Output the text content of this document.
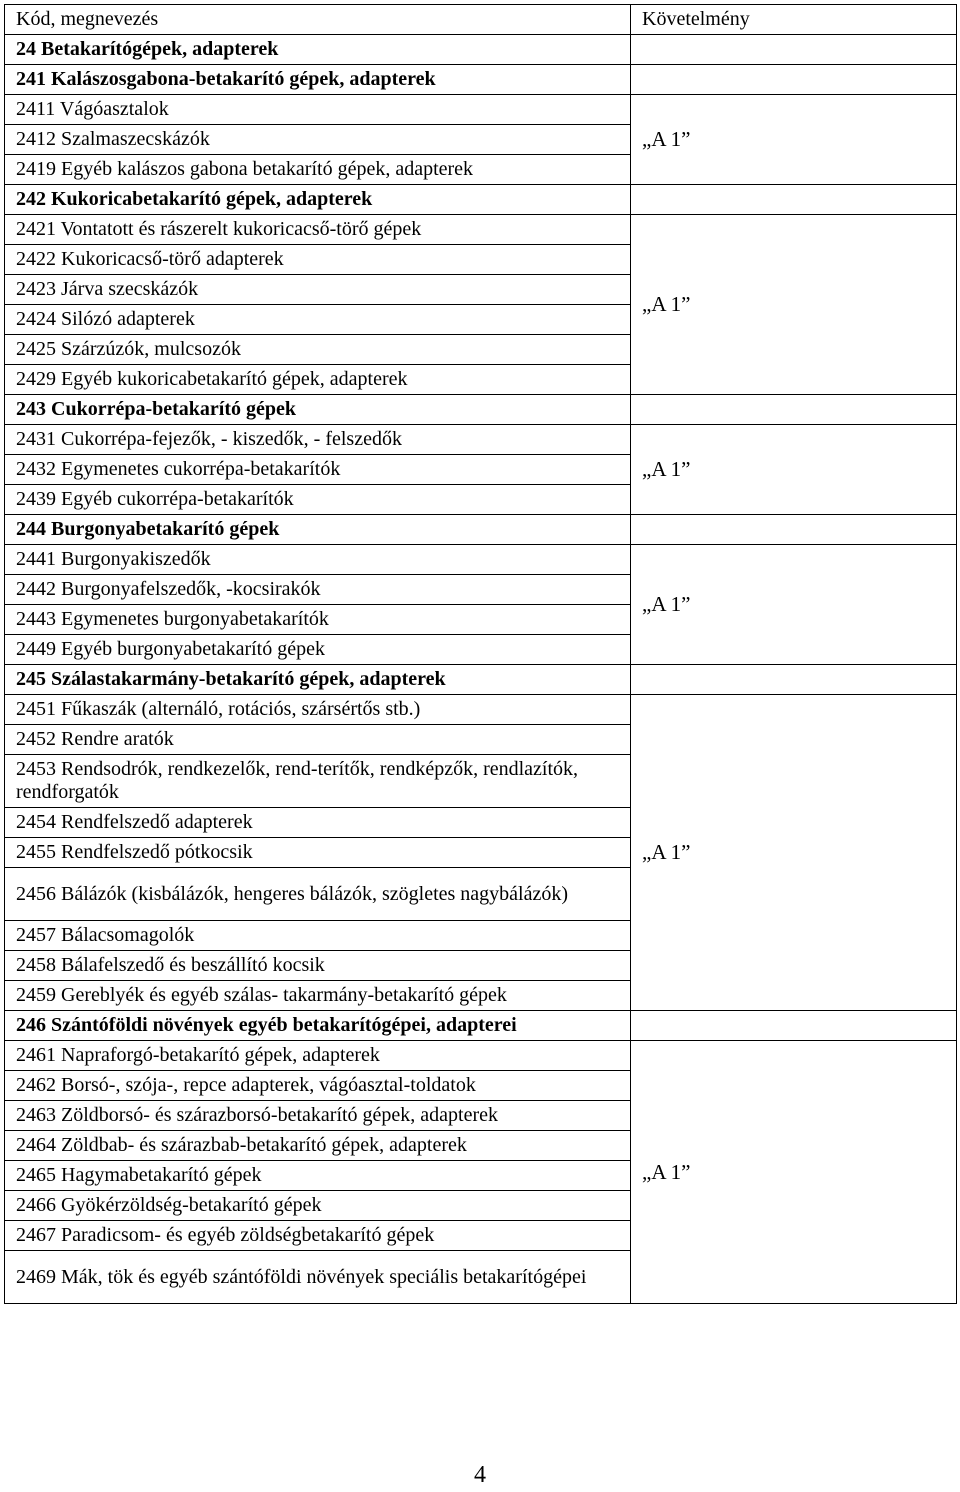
Kód, megnevezés	Követelmény
24 Betakarítógépek, adapterek	
241 Kalászosgabona-betakarító gépek, adapterek	
2411 Vágóasztalok	„A 1”
2412 Szalmaszecskázók	
2419 Egyéb kalászos gabona betakarító gépek, adapterek	
242 Kukoricabetakarító gépek, adapterek	
2421 Vontatott és rászerelt kukoricacső-törő gépek	„A 1”
2422 Kukoricacső-törő adapterek	
2423 Járva szecskázók	
2424 Silózó adapterek	
2425 Szárzúzók, mulcsozók	
2429 Egyéb kukoricabetakarító gépek, adapterek	
243 Cukorrépa-betakarító gépek	
2431 Cukorrépa-fejezők, - kiszedők, - felszedők	„A 1”
2432 Egymenetes cukorrépa-betakarítók	
2439 Egyéb cukorrépa-betakarítók	
244 Burgonyabetakarító gépek	
2441 Burgonyakiszedők	„A 1”
2442 Burgonyafelszedők, -kocsirakók	
2443 Egymenetes burgonyabetakarítók	
2449 Egyéb burgonyabetakarító gépek	
245 Szálastakarmány-betakarító gépek, adapterek	
2451 Fűkaszák (alternáló, rotációs, szársértős stb.)	„A 1”
2452 Rendre aratók	
2453 Rendsodrók, rendkezelők, rend-terítők, rendképzők, rendlazítók, rendforgatók	
2454 Rendfelszedő adapterek	
2455 Rendfelszedő pótkocsik	
2456 Bálázók (kisbálázók, hengeres bálázók, szögletes nagybálázók)	
2457 Bálacsomagolók	
2458 Bálafelszedő és beszállító kocsik	
2459 Gereblyék és egyéb szálas- takarmány-betakarító gépek	
246 Szántóföldi növények egyéb betakarítógépei, adapterei	
2461 Napraforgó-betakarító gépek, adapterek	„A 1”
2462 Borsó-, szója-, repce adapterek, vágóasztal-toldatok	
2463 Zöldborsó- és szárazborsó-betakarító gépek, adapterek	
2464 Zöldbab- és szárazbab-betakarító gépek, adapterek	
2465 Hagymabetakarító gépek	
2466 Gyökérzöldség-betakarító gépek	
2467 Paradicsom- és egyéb zöldségbetakarító gépek	
2469 Mák, tök és egyéb szántóföldi növények speciális betakarítógépei	
4
